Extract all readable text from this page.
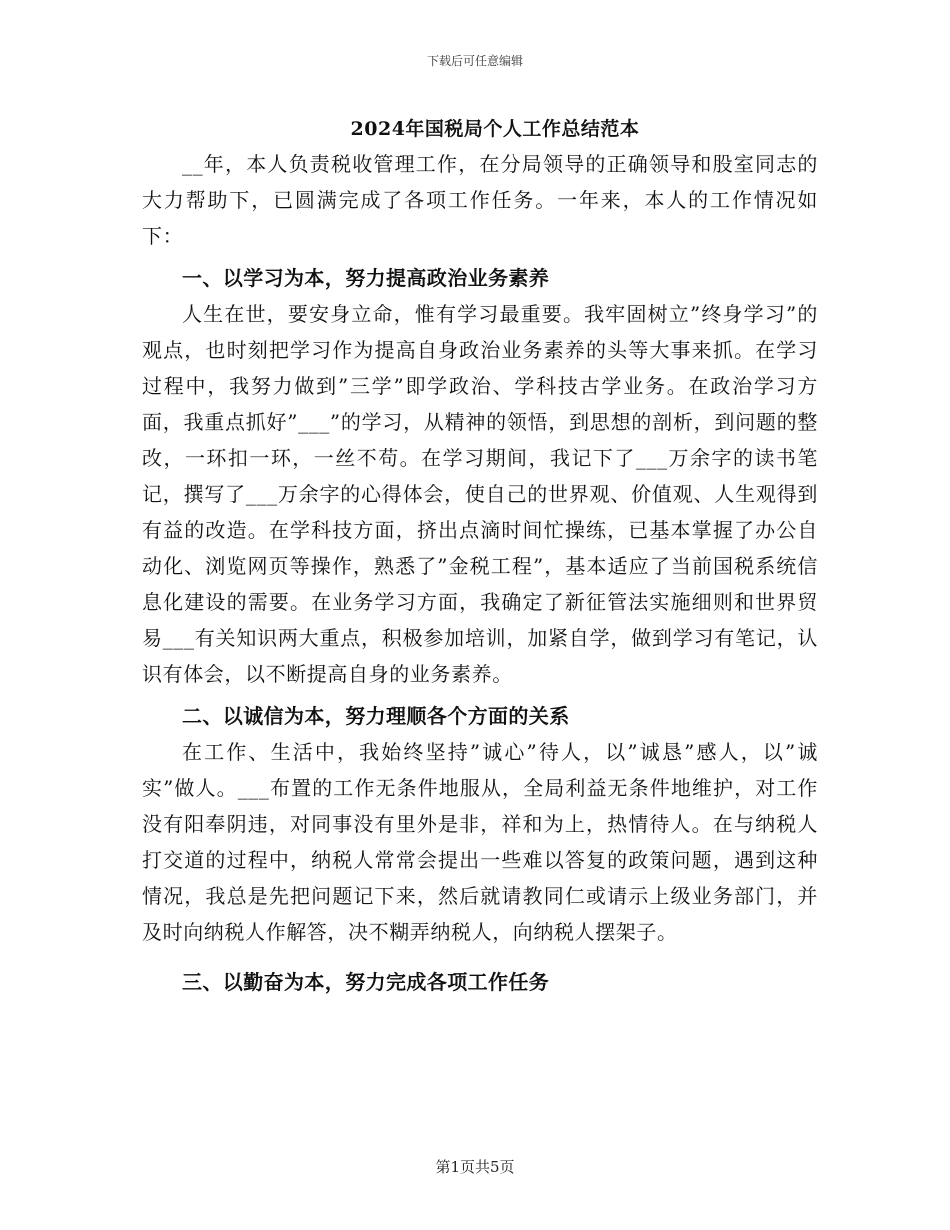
下载后可任意编辑
2024年国税局个人工作总结范本

__年，本人负责税收管理工作，在分局领导的正确领导和股室同志的大力帮助下，已圆满完成了各项工作任务。一年来，本人的工作情况如下：

一、以学习为本，努力提高政治业务素养

人生在世，要安身立命，惟有学习最重要。我牢固树立”终身学习”的观点，也时刻把学习作为提高自身政治业务素养的头等大事来抓。在学习过程中，我努力做到”三学”即学政治、学科技古学业务。在政治学习方面，我重点抓好”___”的学习，从精神的领悟，到思想的剖析，到问题的整改，一环扣一环，一丝不苟。在学习期间，我记下了___万余字的读书笔记，撰写了___万余字的心得体会，使自己的世界观、价值观、人生观得到有益的改造。在学科技方面，挤出点滴时间忙操练，已基本掌握了办公自动化、浏览网页等操作，熟悉了”金税工程”，基本适应了当前国税系统信息化建设的需要。在业务学习方面，我确定了新征管法实施细则和世界贸易___有关知识两大重点，积极参加培训，加紧自学，做到学习有笔记，认识有体会，以不断提高自身的业务素养。

二、以诚信为本，努力理顺各个方面的关系

在工作、生活中，我始终坚持”诚心”待人，以”诚恳”感人，以”诚实”做人。___布置的工作无条件地服从，全局利益无条件地维护，对工作没有阳奉阴违，对同事没有里外是非，祥和为上，热情待人。在与纳税人打交道的过程中，纳税人常常会提出一些难以答复的政策问题，遇到这种情况，我总是先把问题记下来，然后就请教同仁或请示上级业务部门，并及时向纳税人作解答，决不糊弄纳税人，向纳税人摆架子。

三、以勤奋为本，努力完成各项工作任务

第1页共5页
